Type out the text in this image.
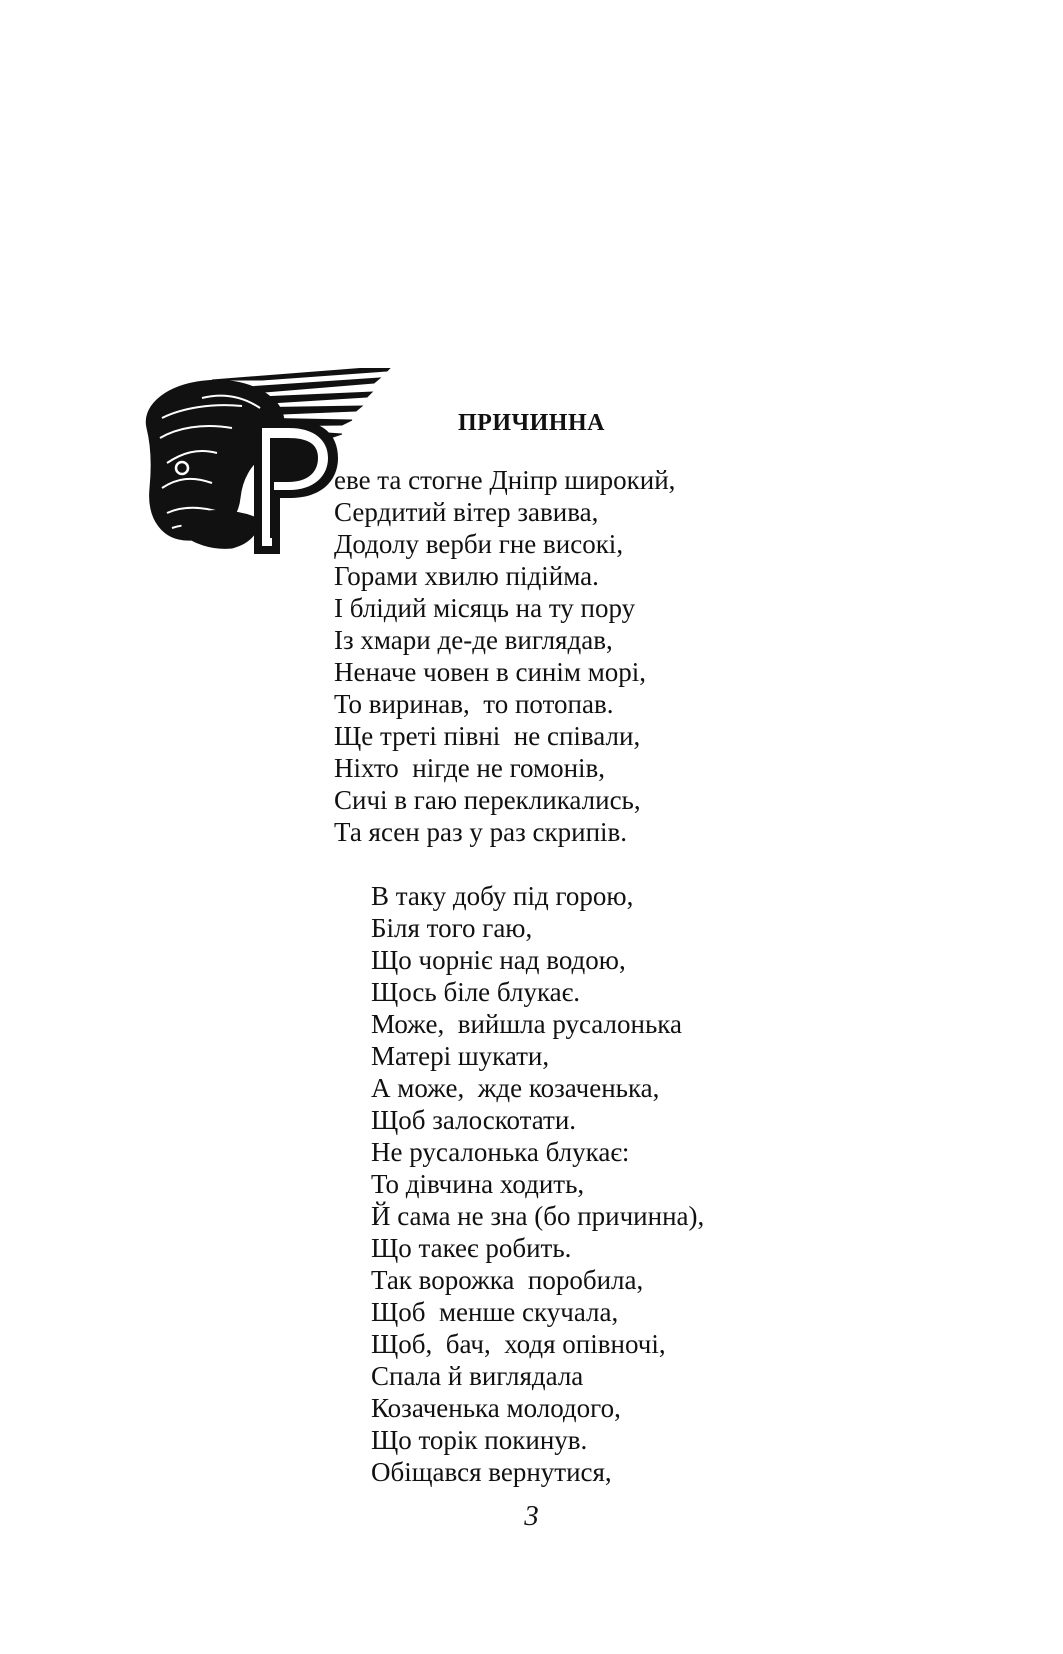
ПРИЧИННА
Р
еве та стогне Дніпр широкий,
Сердитий вітер завива,
Додолу верби гне високі,
Горами хвилю підійма.
І блідий місяць на ту пору
Із хмари де-де виглядав,
Неначе човен в синім морі,
То виринав,  то потопав.
Ще треті півні  не співали,
Ніхто  нігде не гомонів,
Сичі в гаю перекликались,
Та ясен раз у раз скрипів.
В таку добу під горою,
Біля того гаю,
Що чорніє над водою,
Щось біле блукає.
Може,  вийшла русалонька
Матері шукати,
А може,  жде козаченька,
Щоб залоскотати.
Не русалонька блукає:
То дівчина ходить,
Й сама не зна (бо причинна),
Що такеє робить.
Так ворожка  поробила,
Щоб  менше скучала,
Щоб,  бач,  ходя опівночі,
Спала й виглядала
Козаченька молодого,
Що торік покинув.
Обіщався вернутися,
3
